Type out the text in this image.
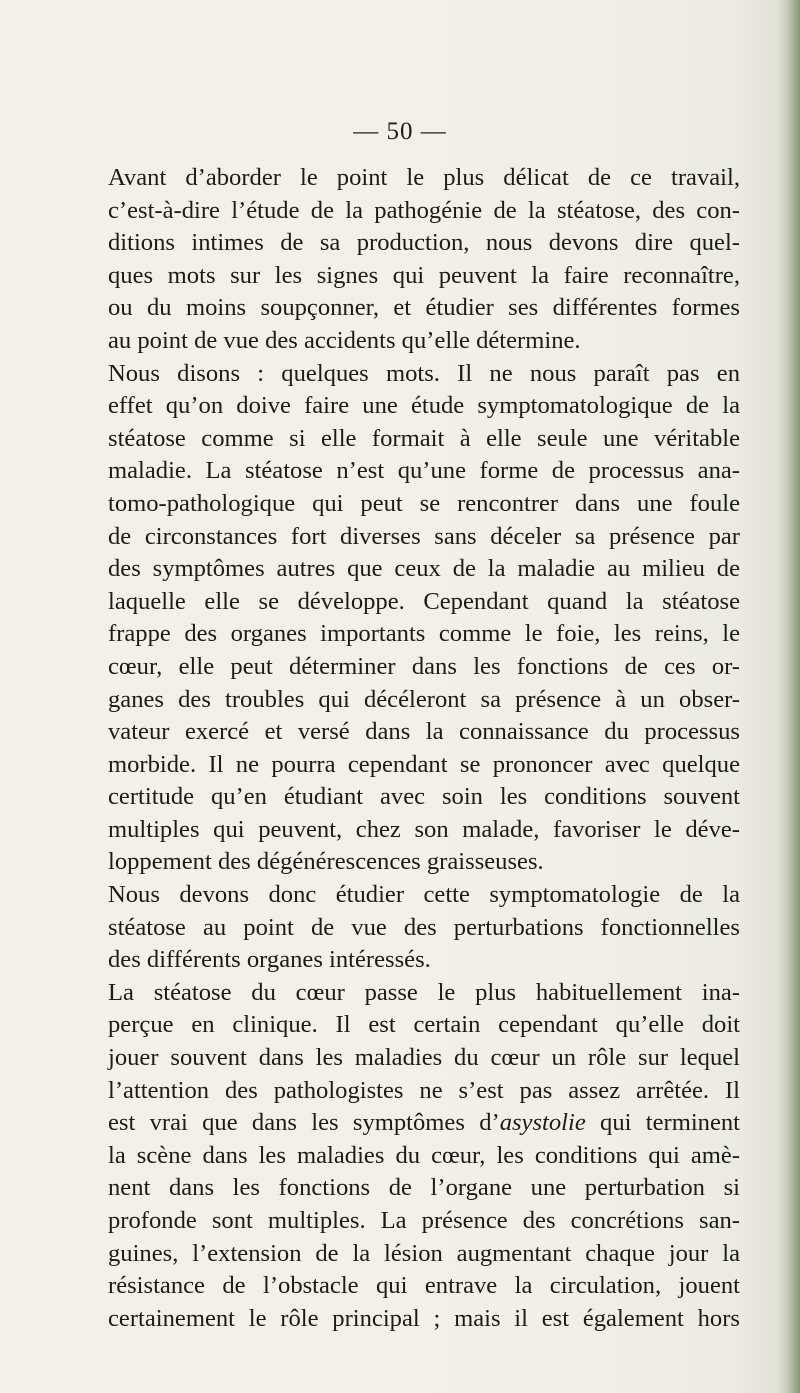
— 50 —
Avant d’aborder le point le plus délicat de ce travail,
c’est-à-dire l’étude de la pathogénie de la stéatose, des con-
ditions intimes de sa production, nous devons dire quel-
ques mots sur les signes qui peuvent la faire reconnaître,
ou du moins soupçonner, et étudier ses différentes formes
au point de vue des accidents qu’elle détermine.
Nous disons : quelques mots. Il ne nous paraît pas en
effet qu’on doive faire une étude symptomatologique de la
stéatose comme si elle formait à elle seule une véritable
maladie. La stéatose n’est qu’une forme de processus ana-
tomo-pathologique qui peut se rencontrer dans une foule
de circonstances fort diverses sans déceler sa présence par
des symptômes autres que ceux de la maladie au milieu de
laquelle elle se développe. Cependant quand la stéatose
frappe des organes importants comme le foie, les reins, le
cœur, elle peut déterminer dans les fonctions de ces or-
ganes des troubles qui décéleront sa présence à un obser-
vateur exercé et versé dans la connaissance du processus
morbide. Il ne pourra cependant se prononcer avec quelque
certitude qu’en étudiant avec soin les conditions souvent
multiples qui peuvent, chez son malade, favoriser le déve-
loppement des dégénérescences graisseuses.
Nous devons donc étudier cette symptomatologie de la
stéatose au point de vue des perturbations fonctionnelles
des différents organes intéressés.
La stéatose du cœur passe le plus habituellement ina-
perçue en clinique. Il est certain cependant qu’elle doit
jouer souvent dans les maladies du cœur un rôle sur lequel
l’attention des pathologistes ne s’est pas assez arrêtée. Il
est vrai que dans les symptômes d’asystolie qui terminent
la scène dans les maladies du cœur, les conditions qui amè-
nent dans les fonctions de l’organe une perturbation si
profonde sont multiples. La présence des concrétions san-
guines, l’extension de la lésion augmentant chaque jour la
résistance de l’obstacle qui entrave la circulation, jouent
certainement le rôle principal ; mais il est également hors
